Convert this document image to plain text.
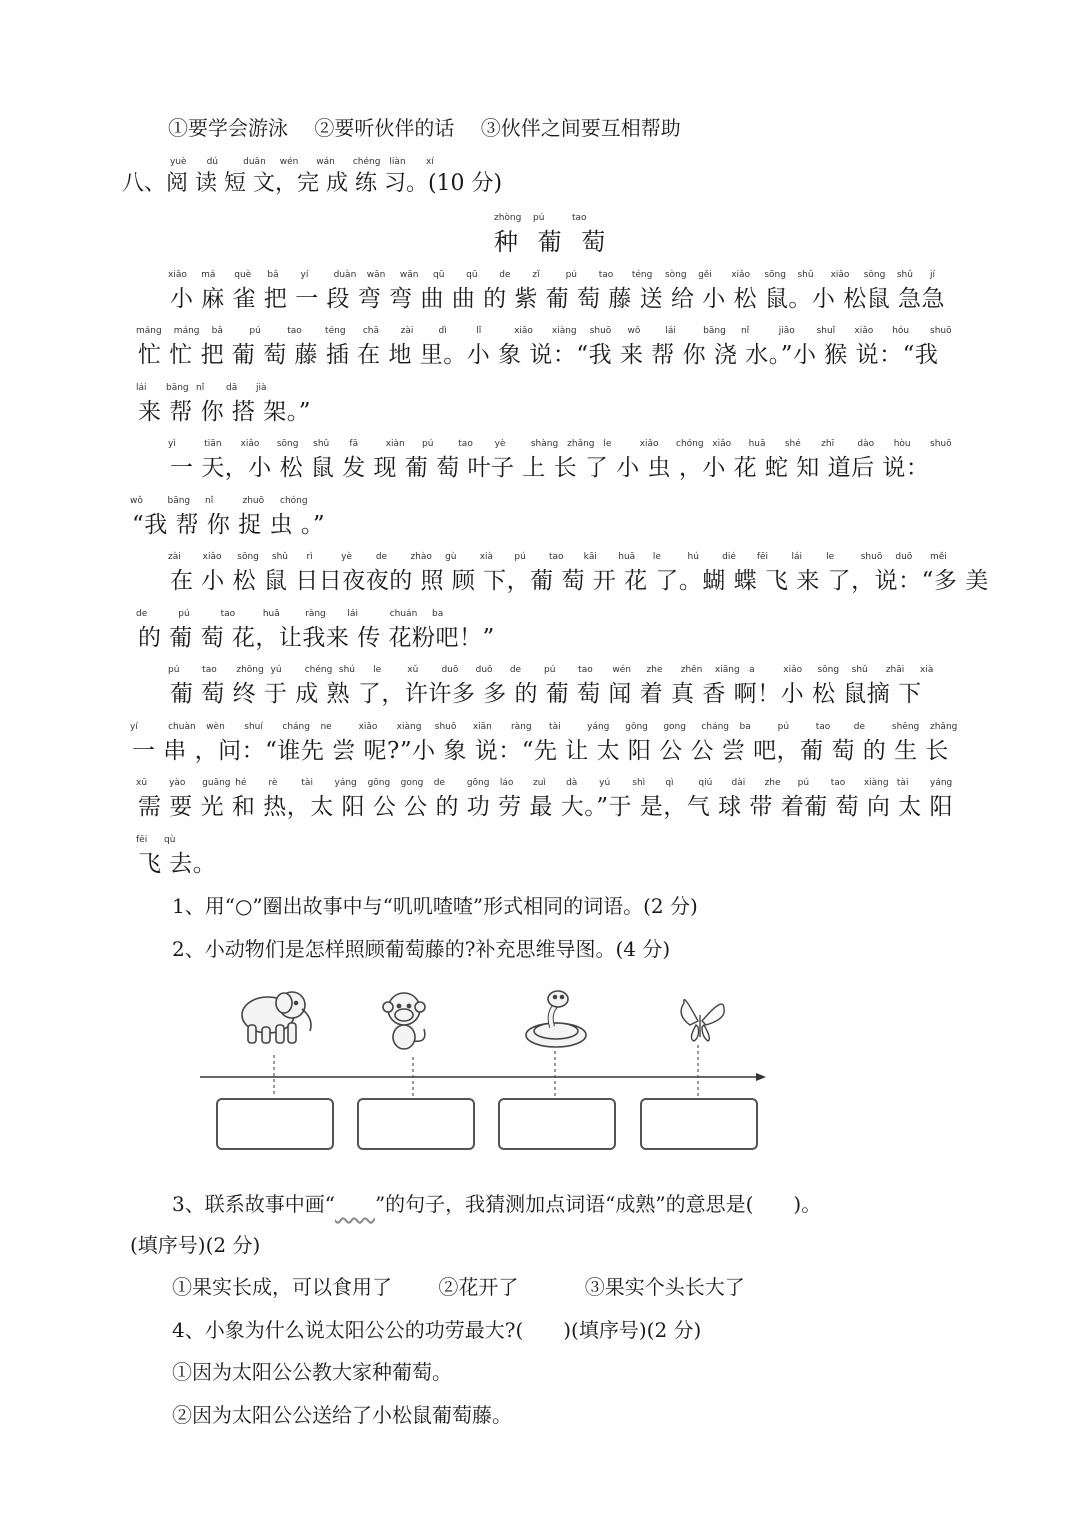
①要学会游泳 　②要听伙伴的话 　③伙伴之间要互相帮助
yuè dú	duǎn wén wán chéng liàn xí
八、阅 读 短 文，完 成 练 习。(10 分)
zhòng pú	tao
种 葡 萄
xiǎo má què bǎ yí	duàn wān wān qū qū de zǐ	pú tao téng sòng gěi xiǎo sōng shǔ xiǎo sōng shǔ jí
小 麻 雀 把 一 段 弯 弯 曲 曲 的 紫 葡 萄 藤 送 给 小 松 鼠。小 松鼠 急急
máng máng bǎ	pú	tao	téng chā zài	dì	lǐ	xiǎo xiàng shuō wǒ	lái	bāng nǐ	jiāo shuǐ xiǎo hóu shuō
忙 忙 把 葡 萄 藤 插 在 地 里。小 象 说：“我 来 帮 你 浇 水。”小 猴 说：“我
lái bāng nǐ dā jià
来 帮 你 搭 架。”
yì	tiān xiǎo sōng shǔ fā	xiàn pú	tao yè	shàng zhǎng le	xiǎo chóng xiǎo huā shé zhī	dào hòu shuō
一 天，小 松 鼠 发 现 葡 萄 叶子 上 长 了 小 虫 ，小 花 蛇 知 道后 说：
wǒ	bāng nǐ	zhuō chóng
“我 帮 你 捉 虫 。”
zài xiǎo sōng shǔ rì	yè	de	zhào gù	xià pú	tao kāi huā le	hú	dié fēi	lái	le	shuō duō měi
在 小 松 鼠 日日夜夜的 照 顾 下，葡 萄 开 花 了。蝴 蝶 飞 来 了，说：“多 美
de	pú	tao	huā	ràng lái	chuán ba
的 葡 萄 花，让我来 传 花粉吧！”
pú	tao zhōng yú	chéng shú le	xǔ	duō duō de	pú	tao wén zhe zhēn xiāng a	xiǎo sōng shǔ zhāi xià
葡 萄 终 于 成 熟 了，许许多 多 的 葡 萄 闻 着 真 香 啊！小 松 鼠摘 下
yí	chuàn wèn shuí cháng ne	xiǎo xiàng shuō xiān ràng tài	yáng gōng gong cháng ba	pú	tao	de	shēng zhǎng
一 串 ，问：“谁先 尝 呢?”小 象 说：“先 让 太 阳 公 公 尝 吧，葡 萄 的 生 长
xū yào guāng hé rè	tài yáng gōng gong de gōng láo zuì dà yú shì qì	qiú dài zhe pú tao xiàng tài yáng
需 要 光 和 热，太 阳 公 公 的 功 劳 最 大。”于 是，气 球 带 着葡 萄 向 太 阳
fēi qù
飞 去。
1、用“○”圈出故事中与“叽叽喳喳”形式相同的词语。(2 分)
2、小动物们是怎样照顾葡萄藤的?补充思维导图。(4 分)
3、联系故事中画“　　 ”的句子，我猜测加点词语“成熟”的意思是(　　)。
(填序号)(2 分)
①果实长成，可以食用了 　　②花开了 　　　③果实个头长大了
4、小象为什么说太阳公公的功劳最大?(　　)(填序号)(2 分)
①因为太阳公公教大家种葡萄。
②因为太阳公公送给了小松鼠葡萄藤。
